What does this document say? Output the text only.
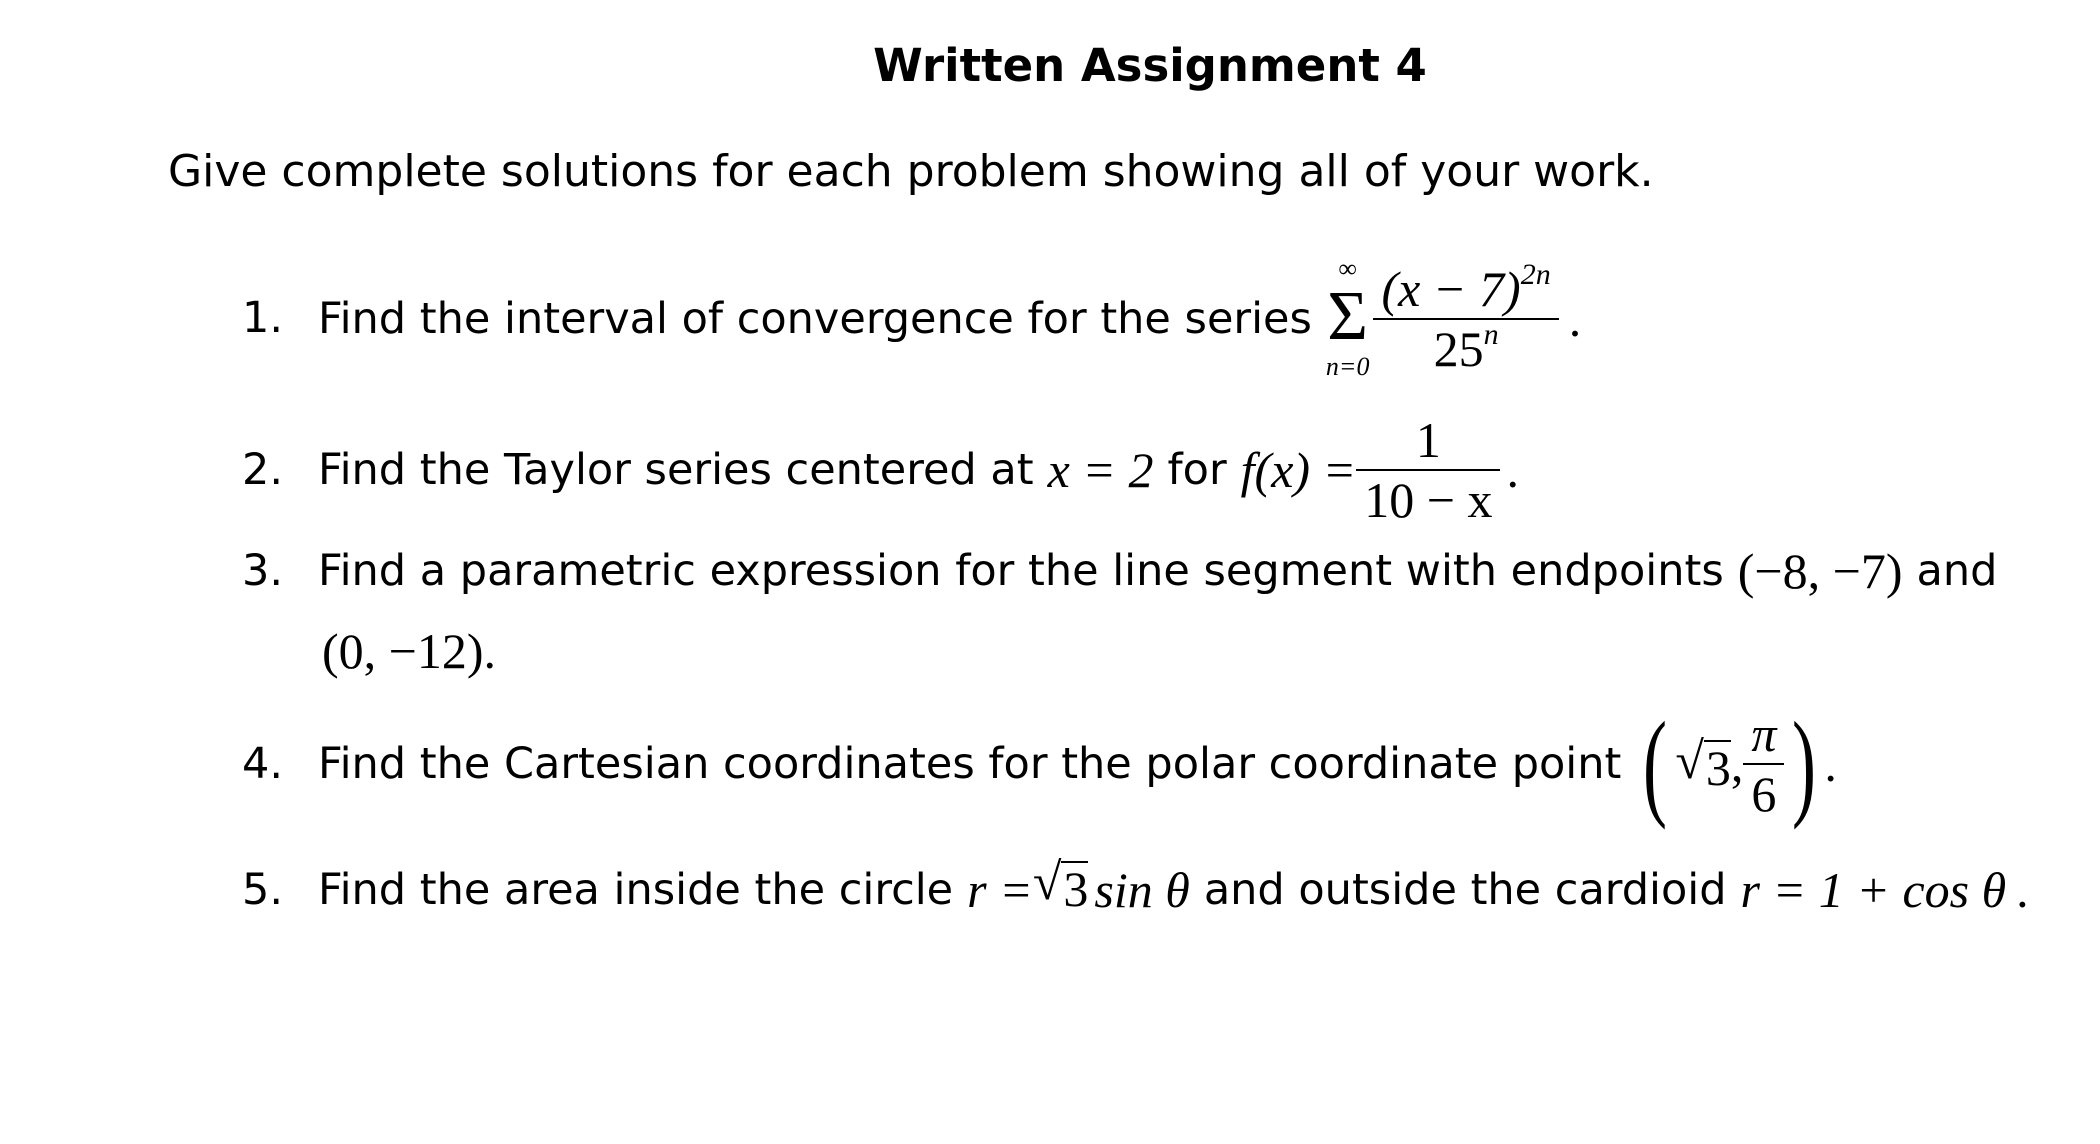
Written Assignment 4
Give complete solutions for each problem showing all of your work.
1. Find the interval of convergence for the series
∞
Σ
$n=0 \frac{(x - 7)^{2n}}{25^n}$ .
2. Find the Taylor series centered at x = 2 for $f(x) = \frac{1}{10 - x}$ .
3. Find a parametric expression for the line segment with endpoints (−8, −7) and
(0, −12) .
4. Find the Cartesian coordinates for the polar coordinate point ( √ 3 , $\frac{\pi}{6}$ ) .
5. Find the area inside the circle r = √ 3 sin θ and outside the cardioid r = 1 + cos θ .
